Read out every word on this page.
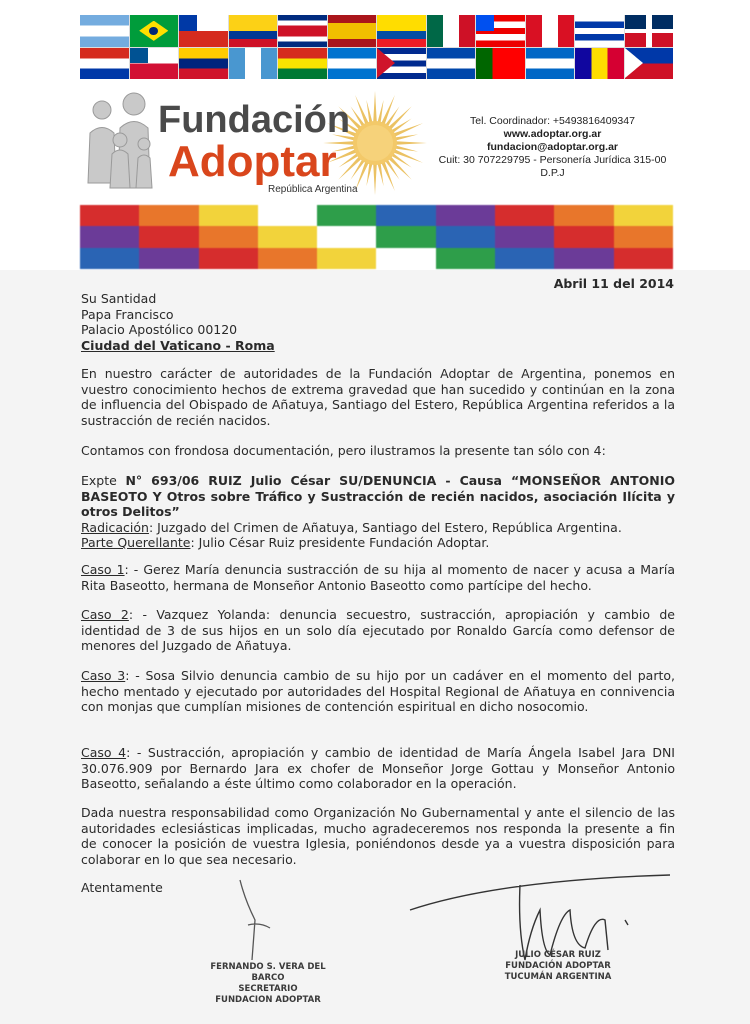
Fundación
Adoptar
República Argentina
Tel. Coordinador: +5493816409347
www.adoptar.org.ar
fundacion@adoptar.org.ar
Cuit: 30 707229795 - Personería Jurídica 315-00
D.P.J
Abril 11 del 2014
Su Santidad
Papa Francisco
Palacio Apostólico 00120
Ciudad del Vaticano - Roma
En nuestro carácter de autoridades de la Fundación Adoptar de Argentina, ponemos en vuestro conocimiento hechos de extrema gravedad que han sucedido y continúan en la zona de influencia del Obispado de Añatuya, Santiago del Estero, República Argentina referidos a la sustracción de recién nacidos.
Contamos con frondosa documentación, pero ilustramos la presente tan sólo con 4:
Expte N° 693/06 RUIZ Julio César SU/DENUNCIA - Causa “MONSEÑOR ANTONIO BASEOTO Y Otros sobre Tráfico y Sustracción de recién nacidos, asociación Ilícita y otros Delitos”
Radicación: Juzgado del Crimen de Añatuya, Santiago del Estero, República Argentina.
Parte Querellante: Julio César Ruiz presidente Fundación Adoptar.
Caso 1: - Gerez María denuncia sustracción de su hija al momento de nacer y acusa a María Rita Baseotto, hermana de Monseñor Antonio Baseotto como partícipe del hecho.
Caso 2: - Vazquez Yolanda: denuncia secuestro, sustracción, apropiación y cambio de identidad de 3 de sus hijos en un solo día ejecutado por Ronaldo García como defensor de menores del Juzgado de Añatuya.
Caso 3: - Sosa Silvio denuncia cambio de su hijo por un cadáver en el momento del parto, hecho mentado y ejecutado por autoridades del Hospital Regional de Añatuya en connivencia con monjas que cumplían misiones de contención espiritual en dicho nosocomio.
Caso 4: - Sustracción, apropiación y cambio de identidad de María Ángela Isabel Jara DNI 30.076.909 por Bernardo Jara ex chofer de Monseñor Jorge Gottau y Monseñor Antonio Baseotto, señalando a éste último como colaborador en la operación.
Dada nuestra responsabilidad como Organización No Gubernamental y ante el silencio de las autoridades eclesiásticas implicadas, mucho agradeceremos nos responda la presente a fin de conocer la posición de vuestra Iglesia, poniéndonos desde ya a vuestra disposición para colaborar en lo que sea necesario.
Atentamente
FERNANDO S. VERA DEL BARCO
SECRETARIO
FUNDACION ADOPTAR
JULIO CÉSAR RUIZ
FUNDACIÓN ADOPTAR
TUCUMÁN ARGENTINA
